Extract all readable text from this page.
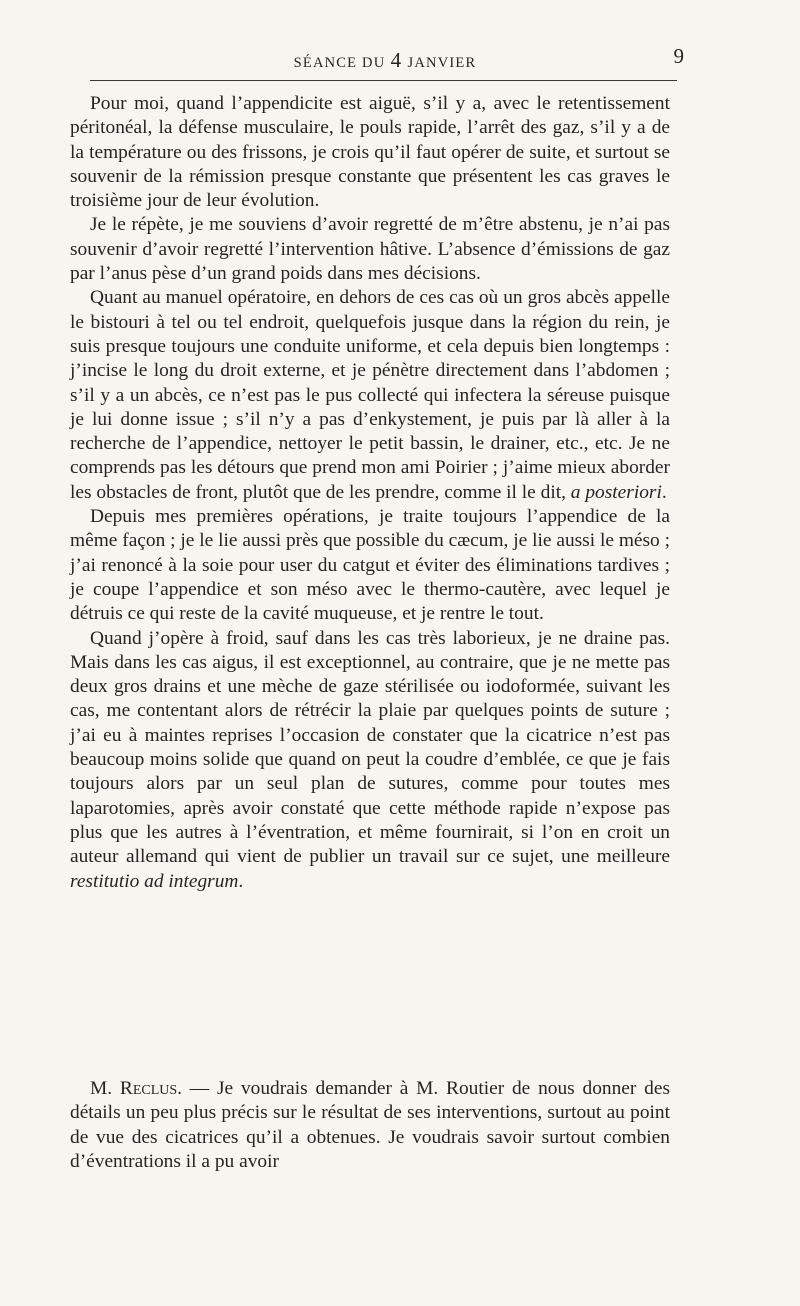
SÉANCE DU 4 JANVIER	9

Pour moi, quand l’appendicite est aiguë, s’il y a, avec le retentissement péritonéal, la défense musculaire, le pouls rapide, l’arrêt des gaz, s’il y a de la température ou des frissons, je crois qu’il faut opérer de suite, et surtout se souvenir de la rémission presque constante que présentent les cas graves le troisième jour de leur évolution.

Je le répète, je me souviens d’avoir regretté de m’être abstenu, je n’ai pas souvenir d’avoir regretté l’intervention hâtive. L’absence d’émissions de gaz par l’anus pèse d’un grand poids dans mes décisions.

Quant au manuel opératoire, en dehors de ces cas où un gros abcès appelle le bistouri à tel ou tel endroit, quelquefois jusque dans la région du rein, je suis presque toujours une conduite uniforme, et cela depuis bien longtemps : j’incise le long du droit externe, et je pénètre directement dans l’abdomen ; s’il y a un abcès, ce n’est pas le pus collecté qui infectera la séreuse puisque je lui donne issue ; s’il n’y a pas d’enkystement, je puis par là aller à la recherche de l’appendice, nettoyer le petit bassin, le drainer, etc., etc. Je ne comprends pas les détours que prend mon ami Poirier ; j’aime mieux aborder les obstacles de front, plutôt que de les prendre, comme il le dit, a posteriori.

Depuis mes premières opérations, je traite toujours l’appendice de la même façon ; je le lie aussi près que possible du cæcum, je lie aussi le méso ; j’ai renoncé à la soie pour user du catgut et éviter des éliminations tardives ; je coupe l’appendice et son méso avec le thermo-cautère, avec lequel je détruis ce qui reste de la cavité muqueuse, et je rentre le tout.

Quand j’opère à froid, sauf dans les cas très laborieux, je ne draine pas. Mais dans les cas aigus, il est exceptionnel, au contraire, que je ne mette pas deux gros drains et une mèche de gaze stérilisée ou iodoformée, suivant les cas, me contentant alors de rétrécir la plaie par quelques points de suture ; j’ai eu à maintes reprises l’occasion de constater que la cicatrice n’est pas beaucoup moins solide que quand on peut la coudre d’emblée, ce que je fais toujours alors par un seul plan de sutures, comme pour toutes mes laparotomies, après avoir constaté que cette méthode rapide n’expose pas plus que les autres à l’éventration, et même fournirait, si l’on en croit un auteur allemand qui vient de publier un travail sur ce sujet, une meilleure restitutio ad integrum.

M. Reclus. — Je voudrais demander à M. Routier de nous donner des détails un peu plus précis sur le résultat de ses interventions, surtout au point de vue des cicatrices qu’il a obtenues. Je voudrais savoir surtout combien d’éventrations il a pu avoir
